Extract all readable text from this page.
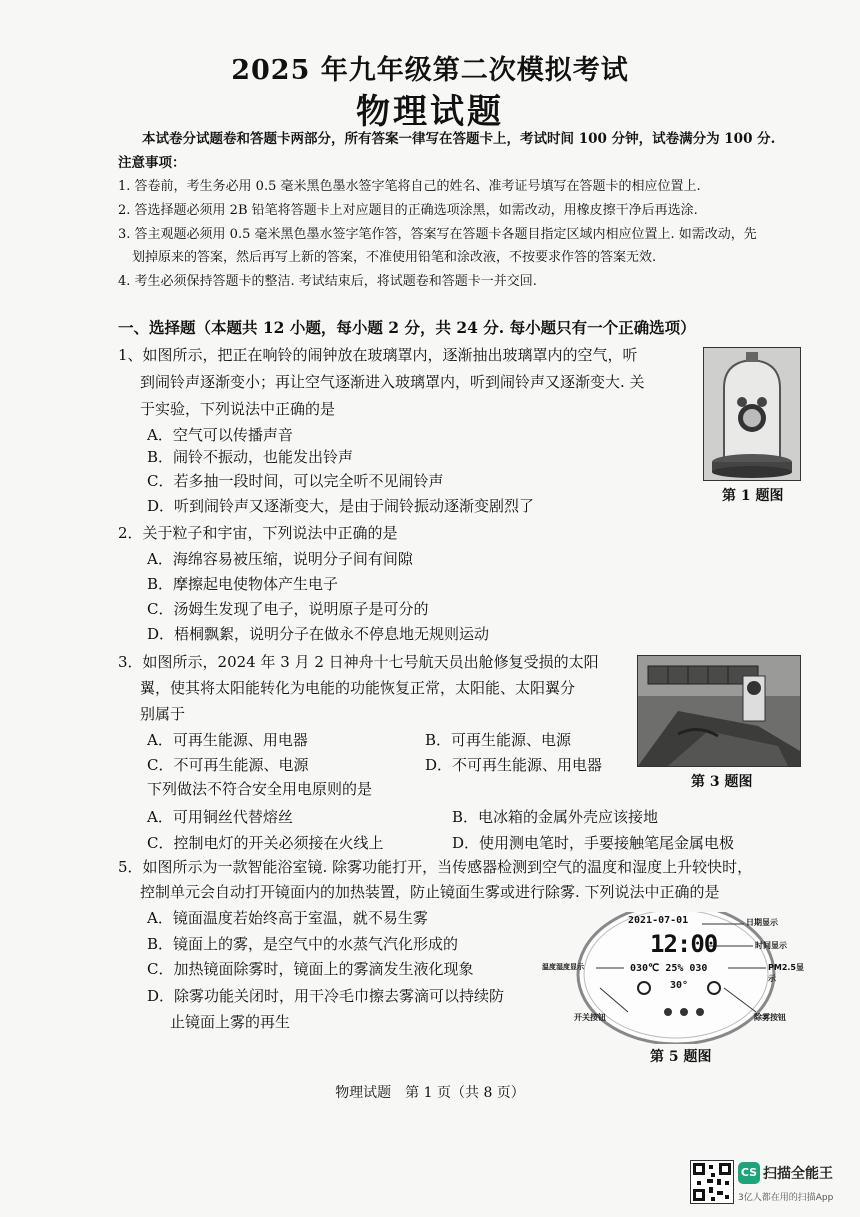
2025 年九年级第二次模拟考试
物理试题
本试卷分试题卷和答题卡两部分，所有答案一律写在答题卡上，考试时间 100 分钟，试卷满分为 100 分.
注意事项：
1. 答卷前，考生务必用 0.5 毫米黑色墨水签字笔将自己的姓名、准考证号填写在答题卡的相应位置上.
2. 答选择题必须用 2B 铅笔将答题卡上对应题目的正确选项涂黑，如需改动，用橡皮擦干净后再选涂.
3. 答主观题必须用 0.5 毫米黑色墨水签字笔作答，答案写在答题卡各题目指定区域内相应位置上. 如需改动，先
划掉原来的答案，然后再写上新的答案，不准使用铅笔和涂改液，不按要求作答的答案无效.
4. 考生必须保持答题卡的整洁. 考试结束后，将试题卷和答题卡一并交回.
一、选择题（本题共 12 小题，每小题 2 分，共 24 分. 每小题只有一个正确选项）
1、如图所示，把正在响铃的闹钟放在玻璃罩内，逐渐抽出玻璃罩内的空气，听
到闹铃声逐渐变小；再让空气逐渐进入玻璃罩内，听到闹铃声又逐渐变大. 关
于实验，下列说法中正确的是
A．空气可以传播声音
B．闹铃不振动，也能发出铃声
C．若多抽一段时间，可以完全听不见闹铃声
D．听到闹铃声又逐渐变大，是由于闹铃振动逐渐变剧烈了
第 1 题图
2．关于粒子和宇宙，下列说法中正确的是
A．海绵容易被压缩，说明分子间有间隙
B．摩擦起电使物体产生电子
C．汤姆生发现了电子，说明原子是可分的
D．梧桐飘絮，说明分子在做永不停息地无规则运动
3．如图所示，2024 年 3 月 2 日神舟十七号航天员出舱修复受损的太阳
翼，使其将太阳能转化为电能的功能恢复正常，太阳能、太阳翼分
别属于
A．可再生能源、用电器	B．可再生能源、电源
C．不可再生能源、电源	D．不可再生能源、用电器
第 3 题图
下列做法不符合安全用电原则的是
A．可用铜丝代替熔丝	B．电冰箱的金属外壳应该接地
C．控制电灯的开关必须接在火线上	D．使用测电笔时，手要接触笔尾金属电极
5．如图所示为一款智能浴室镜. 除雾功能打开，当传感器检测到空气的温度和湿度上升较快时，
控制单元会自动打开镜面内的加热装置，防止镜面生雾或进行除雾. 下列说法中正确的是
A．镜面温度若始终高于室温，就不易生雾
B．镜面上的雾，是空气中的水蒸气汽化形成的
C．加热镜面除雾时，镜面上的雾滴发生液化现象
D．除雾功能关闭时，用干冷毛巾擦去雾滴可以持续防
止镜面上雾的再生
2021-07-01
12:00
030℃ 25% 030
30°
日期显示
时间显示
温度湿度显示	PM2.5显示
开关按钮	除雾按钮
第 5 题图
物理试题　第 1 页（共 8 页）
CS 扫描全能王
3亿人都在用的扫描App
